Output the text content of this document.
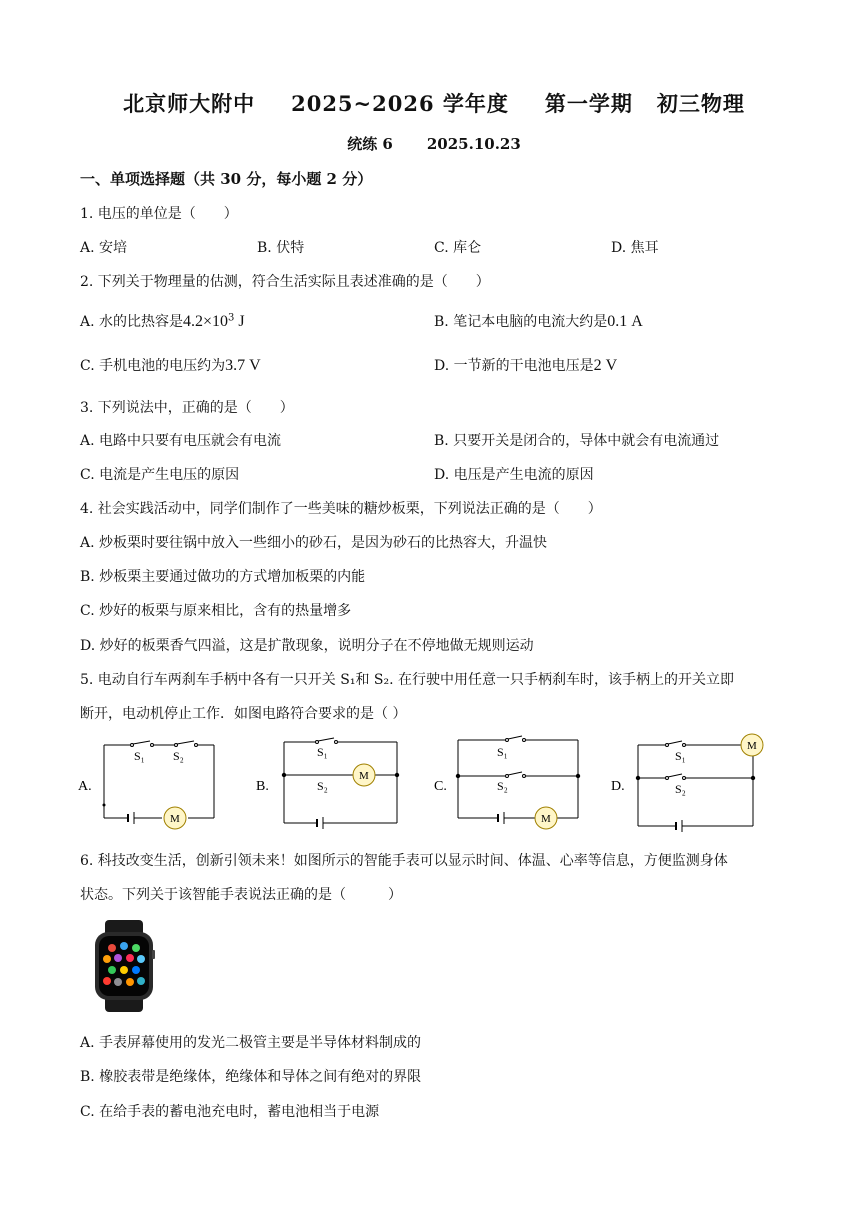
北京师大附中 2025~2026 学年度 第一学期 初三物理
统练 6 2025.10.23
一、单项选择题（共 30 分，每小题 2 分）
1. 电压的单位是（　　）
A. 安培	B. 伏特	C. 库仑	D. 焦耳
2. 下列关于物理量的估测，符合生活实际且表述准确的是（　　）
A. 水的比热容是$4.2\times 10^3$ J	B. 笔记本电脑的电流大约是0.1 A
C. 手机电池的电压约为3.7 V	D. 一节新的干电池电压是2 V
3. 下列说法中，正确的是（　　）
A. 电路中只要有电压就会有电流	B. 只要开关是闭合的，导体中就会有电流通过
C. 电流是产生电压的原因	D. 电压是产生电流的原因
4. 社会实践活动中，同学们制作了一些美味的糖炒板栗，下列说法正确的是（　　）
A. 炒板栗时要往锅中放入一些细小的砂石，是因为砂石的比热容大，升温快
B. 炒板栗主要通过做功的方式增加板栗的内能
C. 炒好的板栗与原来相比，含有的热量增多
D. 炒好的板栗香气四溢，这是扩散现象，说明分子在不停地做无规则运动
5. 电动自行车两刹车手柄中各有一只开关 S₁和 S₂. 在行驶中用任意一只手柄刹车时，该手柄上的开关立即
断开，电动机停止工作．如图电路符合要求的是（ ）
A.	B.	C.	D.
S₁ S₂
M
S₁
S₂
M
S₁
S₂
M
S₁
S₂
M
6. 科技改变生活，创新引领未来！如图所示的智能手表可以显示时间、体温、心率等信息，方便监测身体
状态。下列关于该智能手表说法正确的是（　　　）
A. 手表屏幕使用的发光二极管主要是半导体材料制成的
B. 橡胶表带是绝缘体，绝缘体和导体之间有绝对的界限
C. 在给手表的蓄电池充电时，蓄电池相当于电源
